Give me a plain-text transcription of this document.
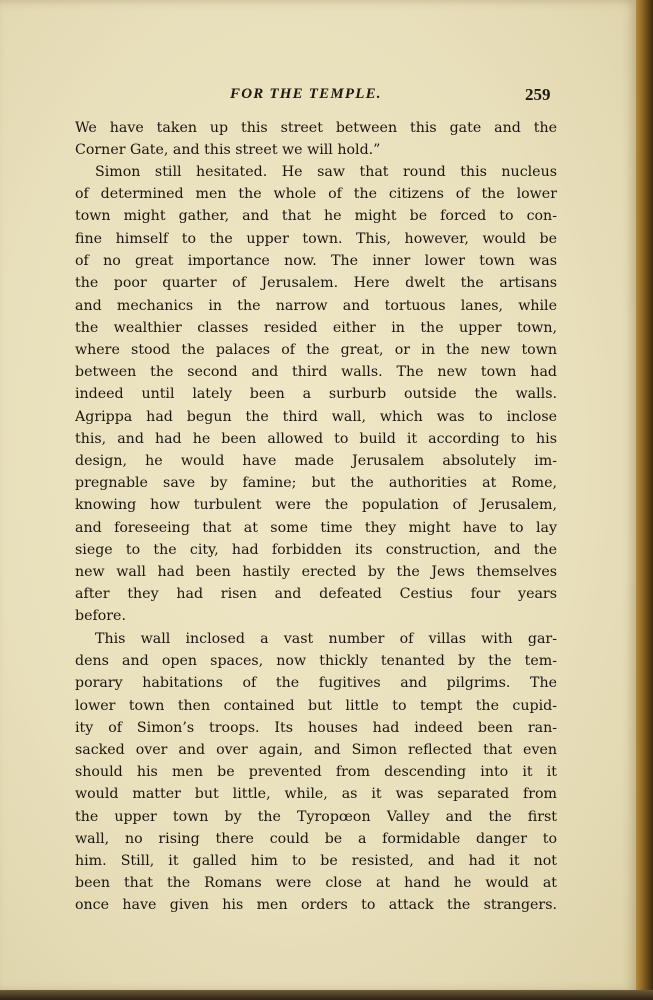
FOR THE TEMPLE.	259
We have taken up this street between this gate and the
Corner Gate, and this street we will hold.”
Simon still hesitated. He saw that round this nucleus
of determined men the whole of the citizens of the lower
town might gather, and that he might be forced to con-
fine himself to the upper town. This, however, would be
of no great importance now. The inner lower town was
the poor quarter of Jerusalem. Here dwelt the artisans
and mechanics in the narrow and tortuous lanes, while
the wealthier classes resided either in the upper town,
where stood the palaces of the great, or in the new town
between the second and third walls. The new town had
indeed until lately been a surburb outside the walls.
Agrippa had begun the third wall, which was to inclose
this, and had he been allowed to build it according to his
design, he would have made Jerusalem absolutely im-
pregnable save by famine; but the authorities at Rome,
knowing how turbulent were the population of Jerusalem,
and foreseeing that at some time they might have to lay
siege to the city, had forbidden its construction, and the
new wall had been hastily erected by the Jews themselves
after they had risen and defeated Cestius four years
before.
This wall inclosed a vast number of villas with gar-
dens and open spaces, now thickly tenanted by the tem-
porary habitations of the fugitives and pilgrims. The
lower town then contained but little to tempt the cupid-
ity of Simon’s troops. Its houses had indeed been ran-
sacked over and over again, and Simon reflected that even
should his men be prevented from descending into it it
would matter but little, while, as it was separated from
the upper town by the Tyropœon Valley and the first
wall, no rising there could be a formidable danger to
him. Still, it galled him to be resisted, and had it not
been that the Romans were close at hand he would at
once have given his men orders to attack the strangers.
